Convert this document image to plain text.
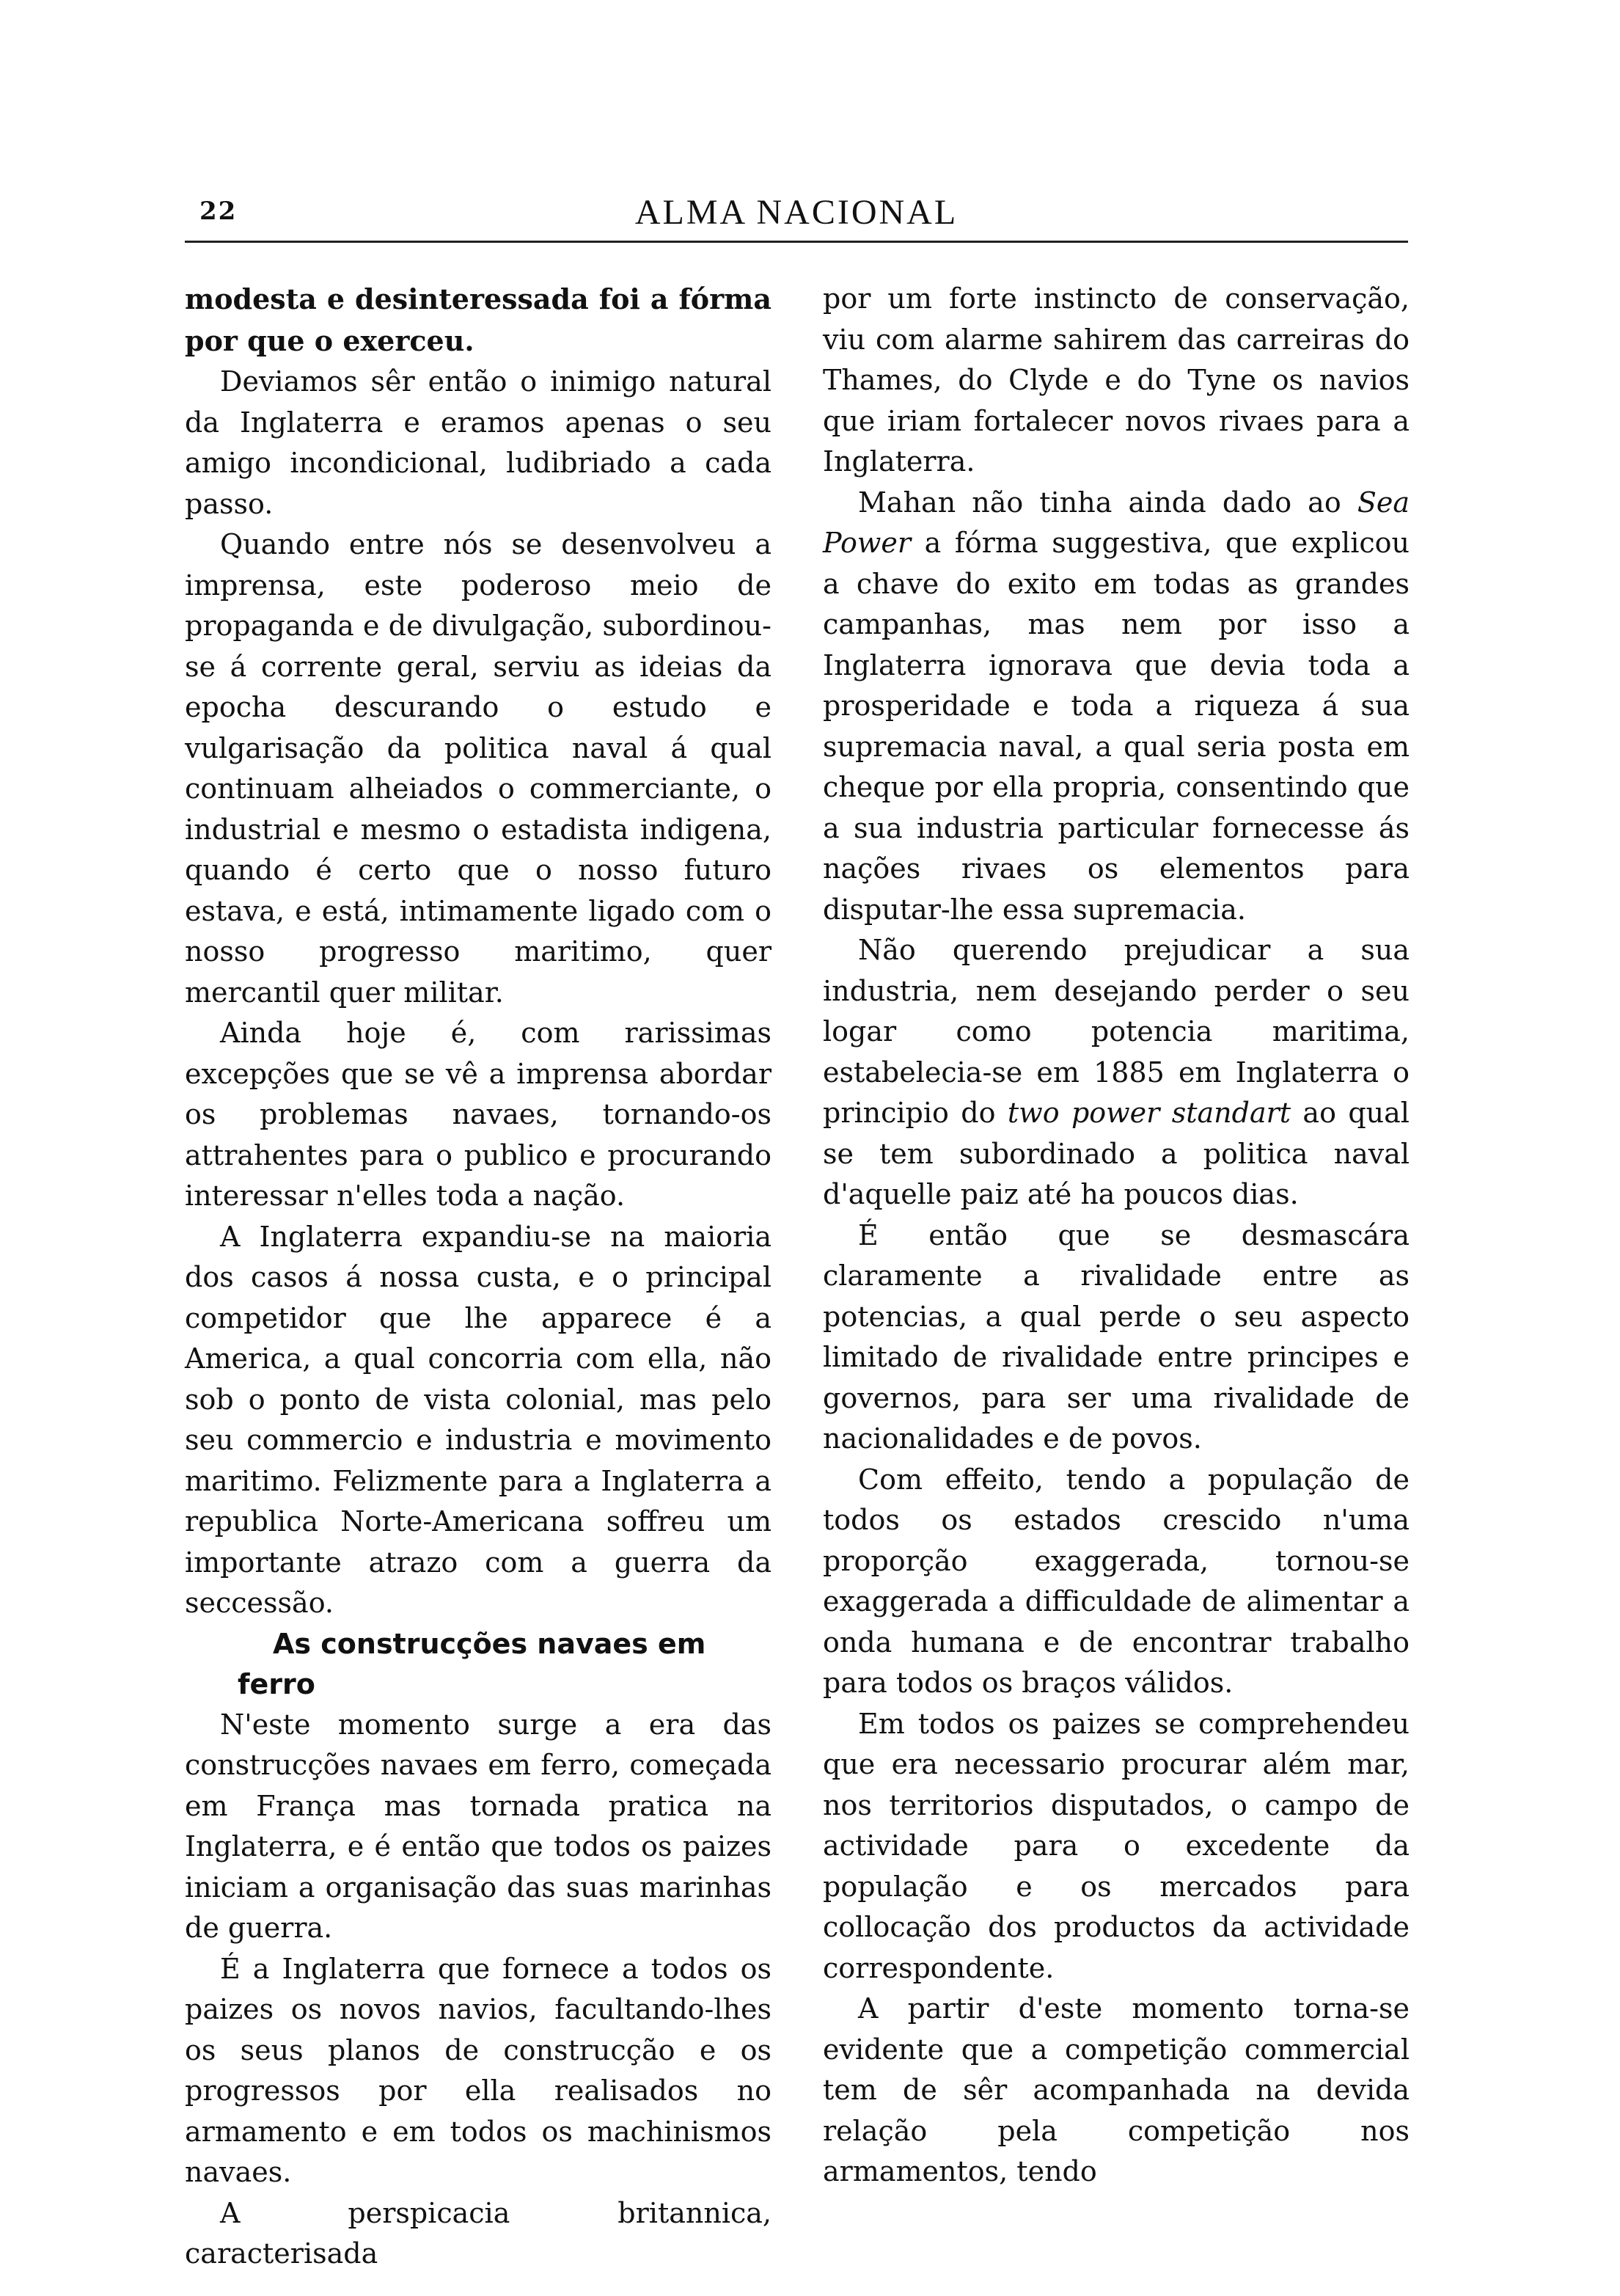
22	ALMA NACIONAL

modesta e desinteressada foi a fórma por que o exerceu.

Deviamos sêr então o inimigo natural da Inglaterra e eramos apenas o seu amigo incondicional, ludibriado a cada passo.

Quando entre nós se desenvolveu a imprensa, este poderoso meio de propaganda e de divulgação, subordinou-se á corrente geral, serviu as ideias da epocha descurando o estudo e vulgarisação da politica naval á qual continuam alheiados o commerciante, o industrial e mesmo o estadista indigena, quando é certo que o nosso futuro estava, e está, intimamente ligado com o nosso progresso maritimo, quer mercantil quer militar.

Ainda hoje é, com rarissimas excepções que se vê a imprensa abordar os problemas navaes, tornando-os attrahentes para o publico e procurando interessar n'elles toda a nação.

A Inglaterra expandiu-se na maioria dos casos á nossa custa, e o principal competidor que lhe apparece é a America, a qual concorria com ella, não sob o ponto de vista colonial, mas pelo seu commercio e industria e movimento maritimo. Felizmente para a Inglaterra a republica Norte-Americana soffreu um importante atrazo com a guerra da seccessão.

As construcções navaes em ferro

N'este momento surge a era das construcções navaes em ferro, começada em França mas tornada pratica na Inglaterra, e é então que todos os paizes iniciam a organisação das suas marinhas de guerra.

É a Inglaterra que fornece a todos os paizes os novos navios, facultando-lhes os seus planos de construcção e os progressos por ella realisados no armamento e em todos os machinismos navaes.

A perspicacia britannica, caracterisada

por um forte instincto de conservação, viu com alarme sahirem das carreiras do Thames, do Clyde e do Tyne os navios que iriam fortalecer novos rivaes para a Inglaterra.

Mahan não tinha ainda dado ao Sea Power a fórma suggestiva, que explicou a chave do exito em todas as grandes campanhas, mas nem por isso a Inglaterra ignorava que devia toda a prosperidade e toda a riqueza á sua supremacia naval, a qual seria posta em cheque por ella propria, consentindo que a sua industria particular fornecesse ás nações rivaes os elementos para disputar-lhe essa supremacia.

Não querendo prejudicar a sua industria, nem desejando perder o seu logar como potencia maritima, estabelecia-se em 1885 em Inglaterra o principio do two power standart ao qual se tem subordinado a politica naval d'aquelle paiz até ha poucos dias.

É então que se desmascára claramente a rivalidade entre as potencias, a qual perde o seu aspecto limitado de rivalidade entre principes e governos, para ser uma rivalidade de nacionalidades e de povos.

Com effeito, tendo a população de todos os estados crescido n'uma proporção exaggerada, tornou-se exaggerada a difficuldade de alimentar a onda humana e de encontrar trabalho para todos os braços válidos.

Em todos os paizes se comprehendeu que era necessario procurar além mar, nos territorios disputados, o campo de actividade para o excedente da população e os mercados para collocação dos productos da actividade correspondente.

A partir d'este momento torna-se evidente que a competição commercial tem de sêr acompanhada na devida relação pela competição nos armamentos, tendo
